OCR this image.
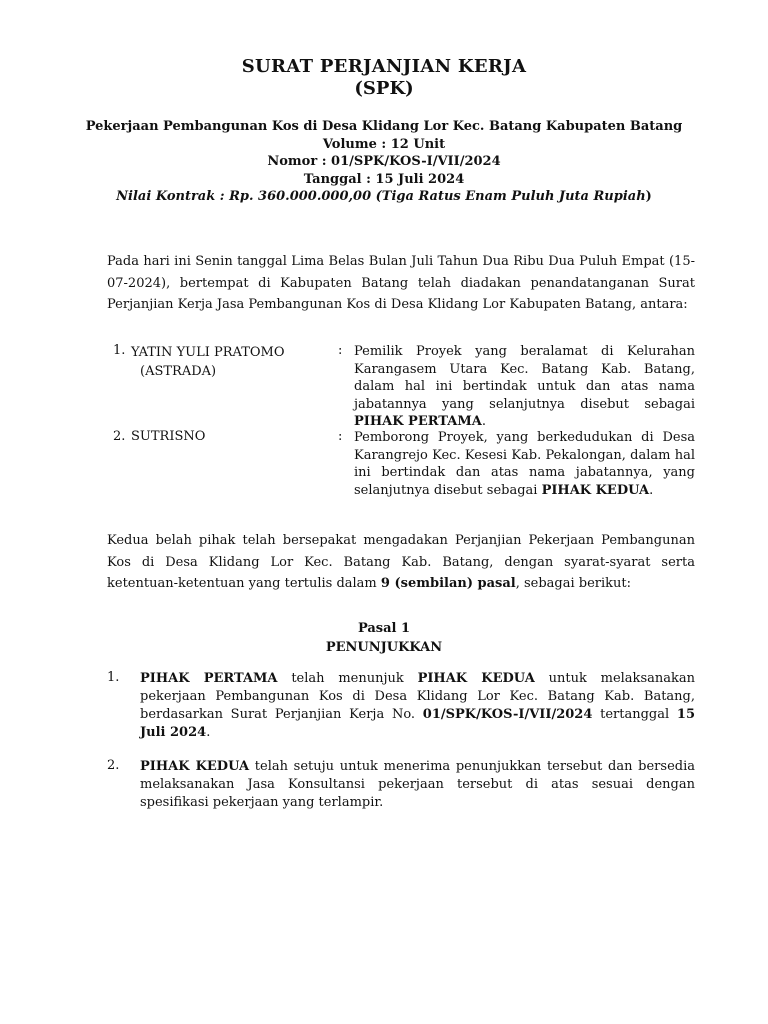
SURAT PERJANJIAN KERJA
(SPK)
Pekerjaan Pembangunan Kos di Desa Klidang Lor Kec. Batang Kabupaten Batang
Volume : 12 Unit
Nomor : 01/SPK/KOS-I/VII/2024
Tanggal : 15 Juli 2024
Nilai Kontrak : Rp. 360.000.000,00 (Tiga Ratus Enam Puluh Juta Rupiah)
Pada hari ini Senin tanggal Lima Belas Bulan Juli Tahun Dua Ribu Dua Puluh Empat (15-07-2024), bertempat di Kabupaten Batang telah diadakan penandatanganan Surat Perjanjian Kerja Jasa Pembangunan Kos di Desa Klidang Lor Kabupaten Batang, antara:
1. YATIN YULI PRATOMO
(ASTRADA)
: Pemilik Proyek yang beralamat di Kelurahan Karangasem Utara Kec. Batang Kab. Batang, dalam hal ini bertindak untuk dan atas nama jabatannya yang selanjutnya disebut sebagai PIHAK PERTAMA.
2. SUTRISNO	: Pemborong Proyek, yang berkedudukan di Desa Karangrejo Kec. Kesesi Kab. Pekalongan, dalam hal ini bertindak dan atas nama jabatannya, yang selanjutnya disebut sebagai PIHAK KEDUA.
Kedua belah pihak telah bersepakat mengadakan Perjanjian Pekerjaan Pembangunan Kos di Desa Klidang Lor Kec. Batang Kab. Batang, dengan syarat-syarat serta ketentuan-ketentuan yang tertulis dalam 9 (sembilan) pasal, sebagai berikut:
Pasal 1
PENUNJUKKAN
1. PIHAK PERTAMA telah menunjuk PIHAK KEDUA untuk melaksanakan pekerjaan Pembangunan Kos di Desa Klidang Lor Kec. Batang Kab. Batang, berdasarkan Surat Perjanjian Kerja No. 01/SPK/KOS-I/VII/2024 tertanggal 15 Juli 2024.
2. PIHAK KEDUA telah setuju untuk menerima penunjukkan tersebut dan bersedia melaksanakan Jasa Konsultansi pekerjaan tersebut di atas sesuai dengan spesifikasi pekerjaan yang terlampir.
